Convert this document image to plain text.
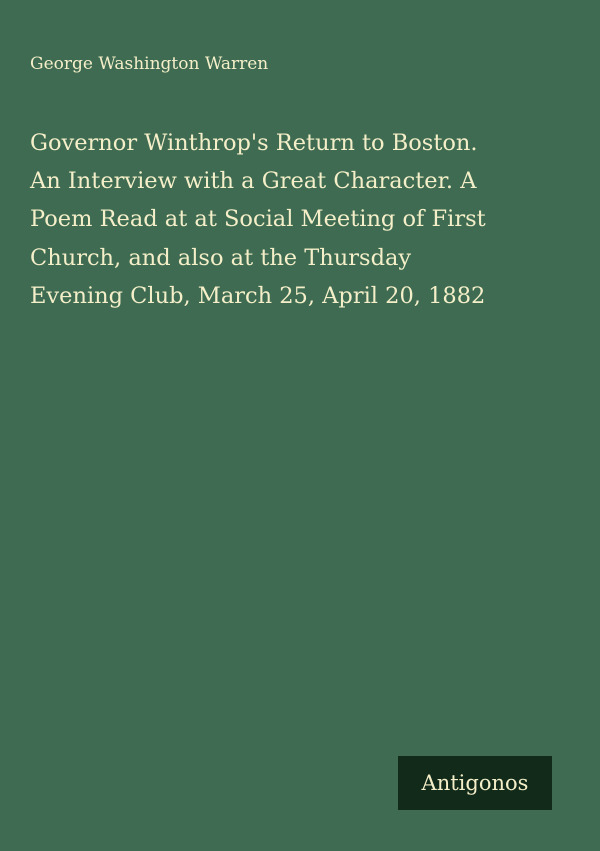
George Washington Warren
Governor Winthrop's Return to Boston.
An Interview with a Great Character. A
Poem Read at at Social Meeting of First
Church, and also at the Thursday
Evening Club, March 25, April 20, 1882
Antigonos
